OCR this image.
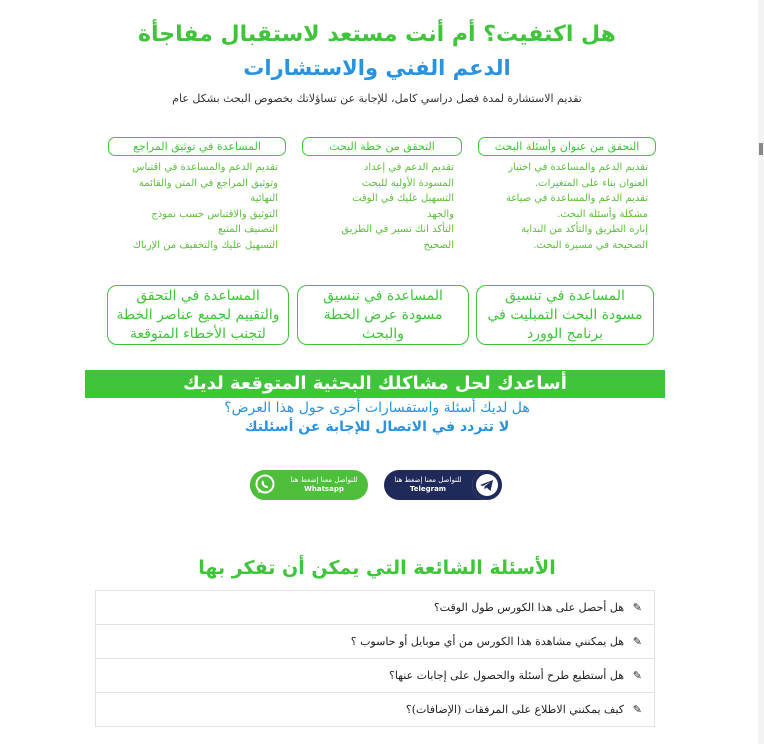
هل اكتفيت؟ أم أنت مستعد لاستقبال مفاجأة
الدعم الفني والاستشارات
تقديم الاستشارة لمدة فصل دراسي كامل، للإجابة عن تساؤلاتك بخصوص البحث بشكل عام
التحقق من عنوان وأسئلة البحث
تقديم الدعم والمساعدة في اختيار
العنوان بناء على المتغيرات.
تقديم الدعم والمساعدة في صياغة
مشكلة وأسئلة البحث.
إنارة الطريق والتأكد من البداية
الصحيحة في مسيرة البحث.
التحقق من خطة البحث
تقديم الدعم في إعداد
المسودة الأولية للبحث
التسهيل عليك في الوقت
والجهد
التأكد انك تسير في الطريق
الصحيح
المساعدة في توثيق المراجع
تقديم الدعم والمساعدة في اقتباس
وتوثيق المراجع في المتن والقائمة
النهائية
التوثيق والاقتباس حسب نموذج
التصنيف المتبع
التسهيل عليك والتخفيف من الإرباك
المساعدة في تنسيق
مسودة البحث التمبليت في
برنامج الوورد
المساعدة في تنسيق
مسودة عرض الخطة
والبحث
المساعدة في التحقق
والتقييم لجميع عناصر الخطة
لتجنب الأخطاء المتوقعة
أساعدك لحل مشاكلك البحثية المتوقعة لديك
هل لديك أسئلة واستفسارات أخرى حول هذا العرض؟
لا تتردد في الاتصال للإجابة عن أسئلتك
للتواصل معنا إضغط هنا
Telegram
للتواصل معنا إضغط هنا
Whatsapp
الأسئلة الشائعة التي يمكن أن تفكر بها
✎
هل أحصل على هذا الكورس طول الوقت؟
✎
هل يمكنني مشاهدة هذا الكورس من أي موبايل أو حاسوب ؟
✎
هل أستطيع طرح أسئلة والحصول على إجابات عنها؟
✎
كيف يمكنني الاطلاع على المرفقات (الإضافات)؟
